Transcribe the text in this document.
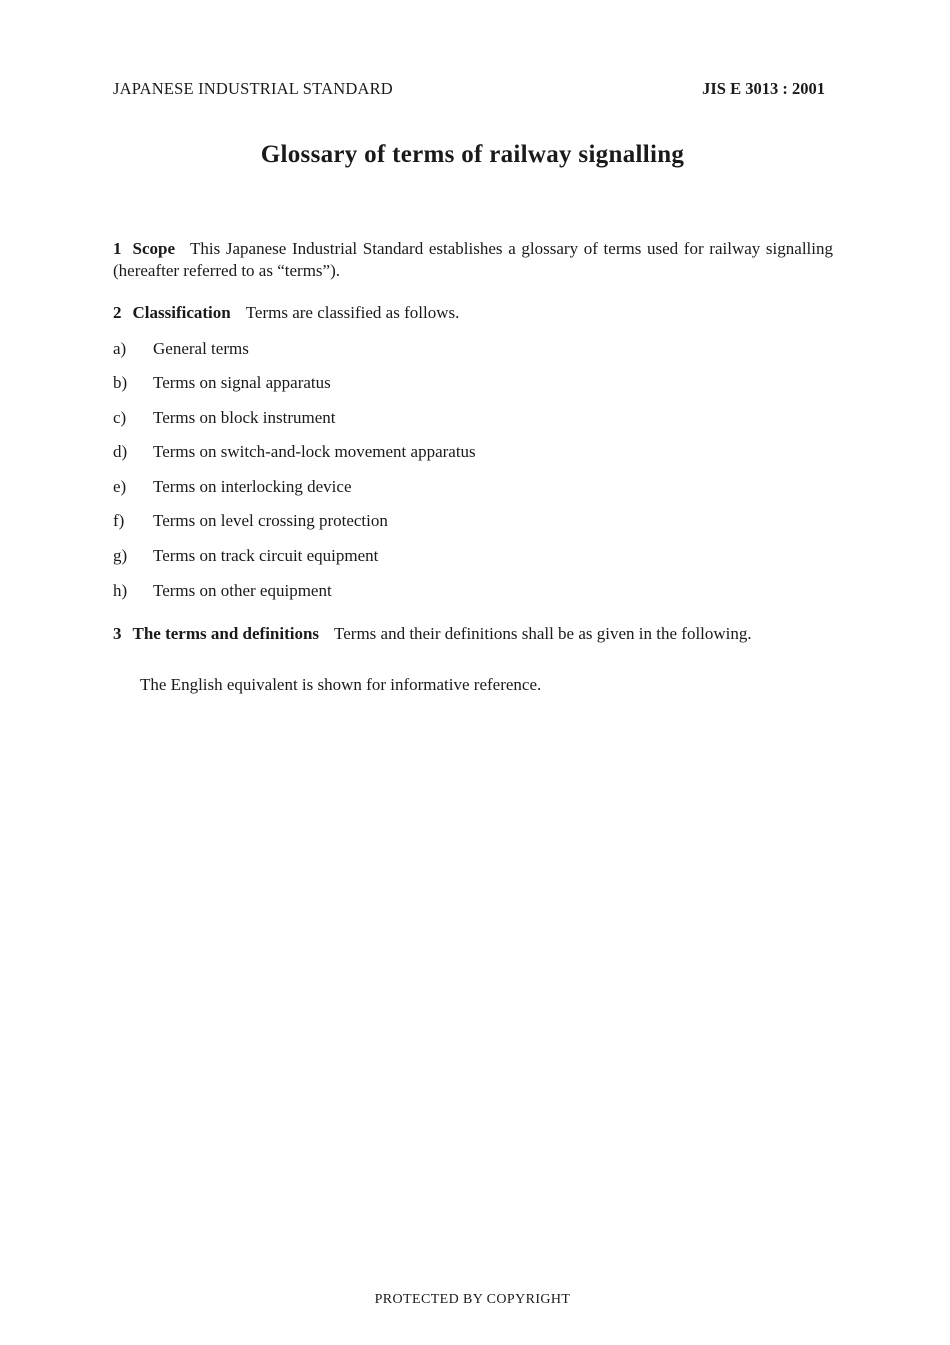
JAPANESE INDUSTRIAL STANDARD	JIS E 3013 : 2001
Glossary of terms of railway signalling
1 Scope This Japanese Industrial Standard establishes a glossary of terms used for railway signalling (hereafter referred to as “terms”).
2 Classification Terms are classified as follows.
a) General terms
b) Terms on signal apparatus
c) Terms on block instrument
d) Terms on switch-and-lock movement apparatus
e) Terms on interlocking device
f) Terms on level crossing protection
g) Terms on track circuit equipment
h) Terms on other equipment
3 The terms and definitions Terms and their definitions shall be as given in the following.
The English equivalent is shown for informative reference.
PROTECTED BY COPYRIGHT
